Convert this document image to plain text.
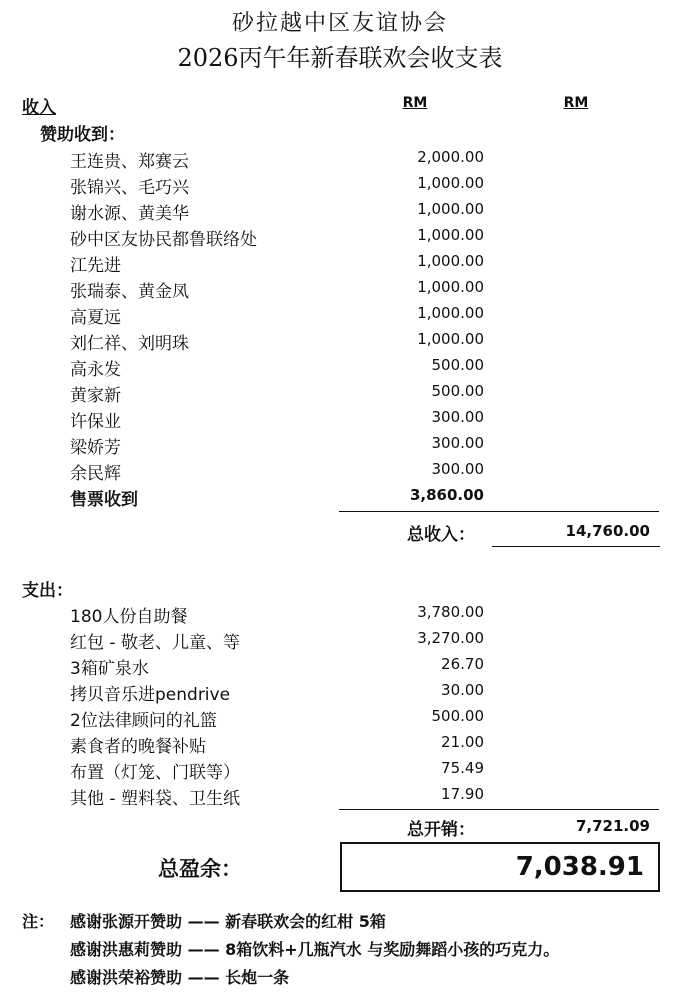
砂拉越中区友谊协会
2026丙午年新春联欢会收支表
收入	RM	RM
赞助收到：
王连贵、郑赛云	2,000.00
张锦兴、毛巧兴	1,000.00
谢水源、黄美华	1,000.00
砂中区友协民都鲁联络处	1,000.00
江先进	1,000.00
张瑞泰、黄金凤	1,000.00
高夏远	1,000.00
刘仁祥、刘明珠	1,000.00
高永发	500.00
黄家新	500.00
许保业	300.00
梁娇芳	300.00
余民辉	300.00
售票收到	3,860.00
总收入：	14,760.00
支出：
180人份自助餐	3,780.00
红包 - 敬老、儿童、等	3,270.00
3箱矿泉水	26.70
拷贝音乐进pendrive	30.00
2位法律顾问的礼篮	500.00
素食者的晚餐补贴	21.00
布置（灯笼、门联等）	75.49
其他 - 塑料袋、卫生纸	17.90
总开销：	7,721.09
总盈余：	7,038.91
注： 感谢张源开赞助 —— 新春联欢会的红柑 5箱
感谢洪惠莉赞助 —— 8箱饮料+几瓶汽水 与奖励舞蹈小孩的巧克力。
感谢洪荣裕赞助 —— 长炮一条
